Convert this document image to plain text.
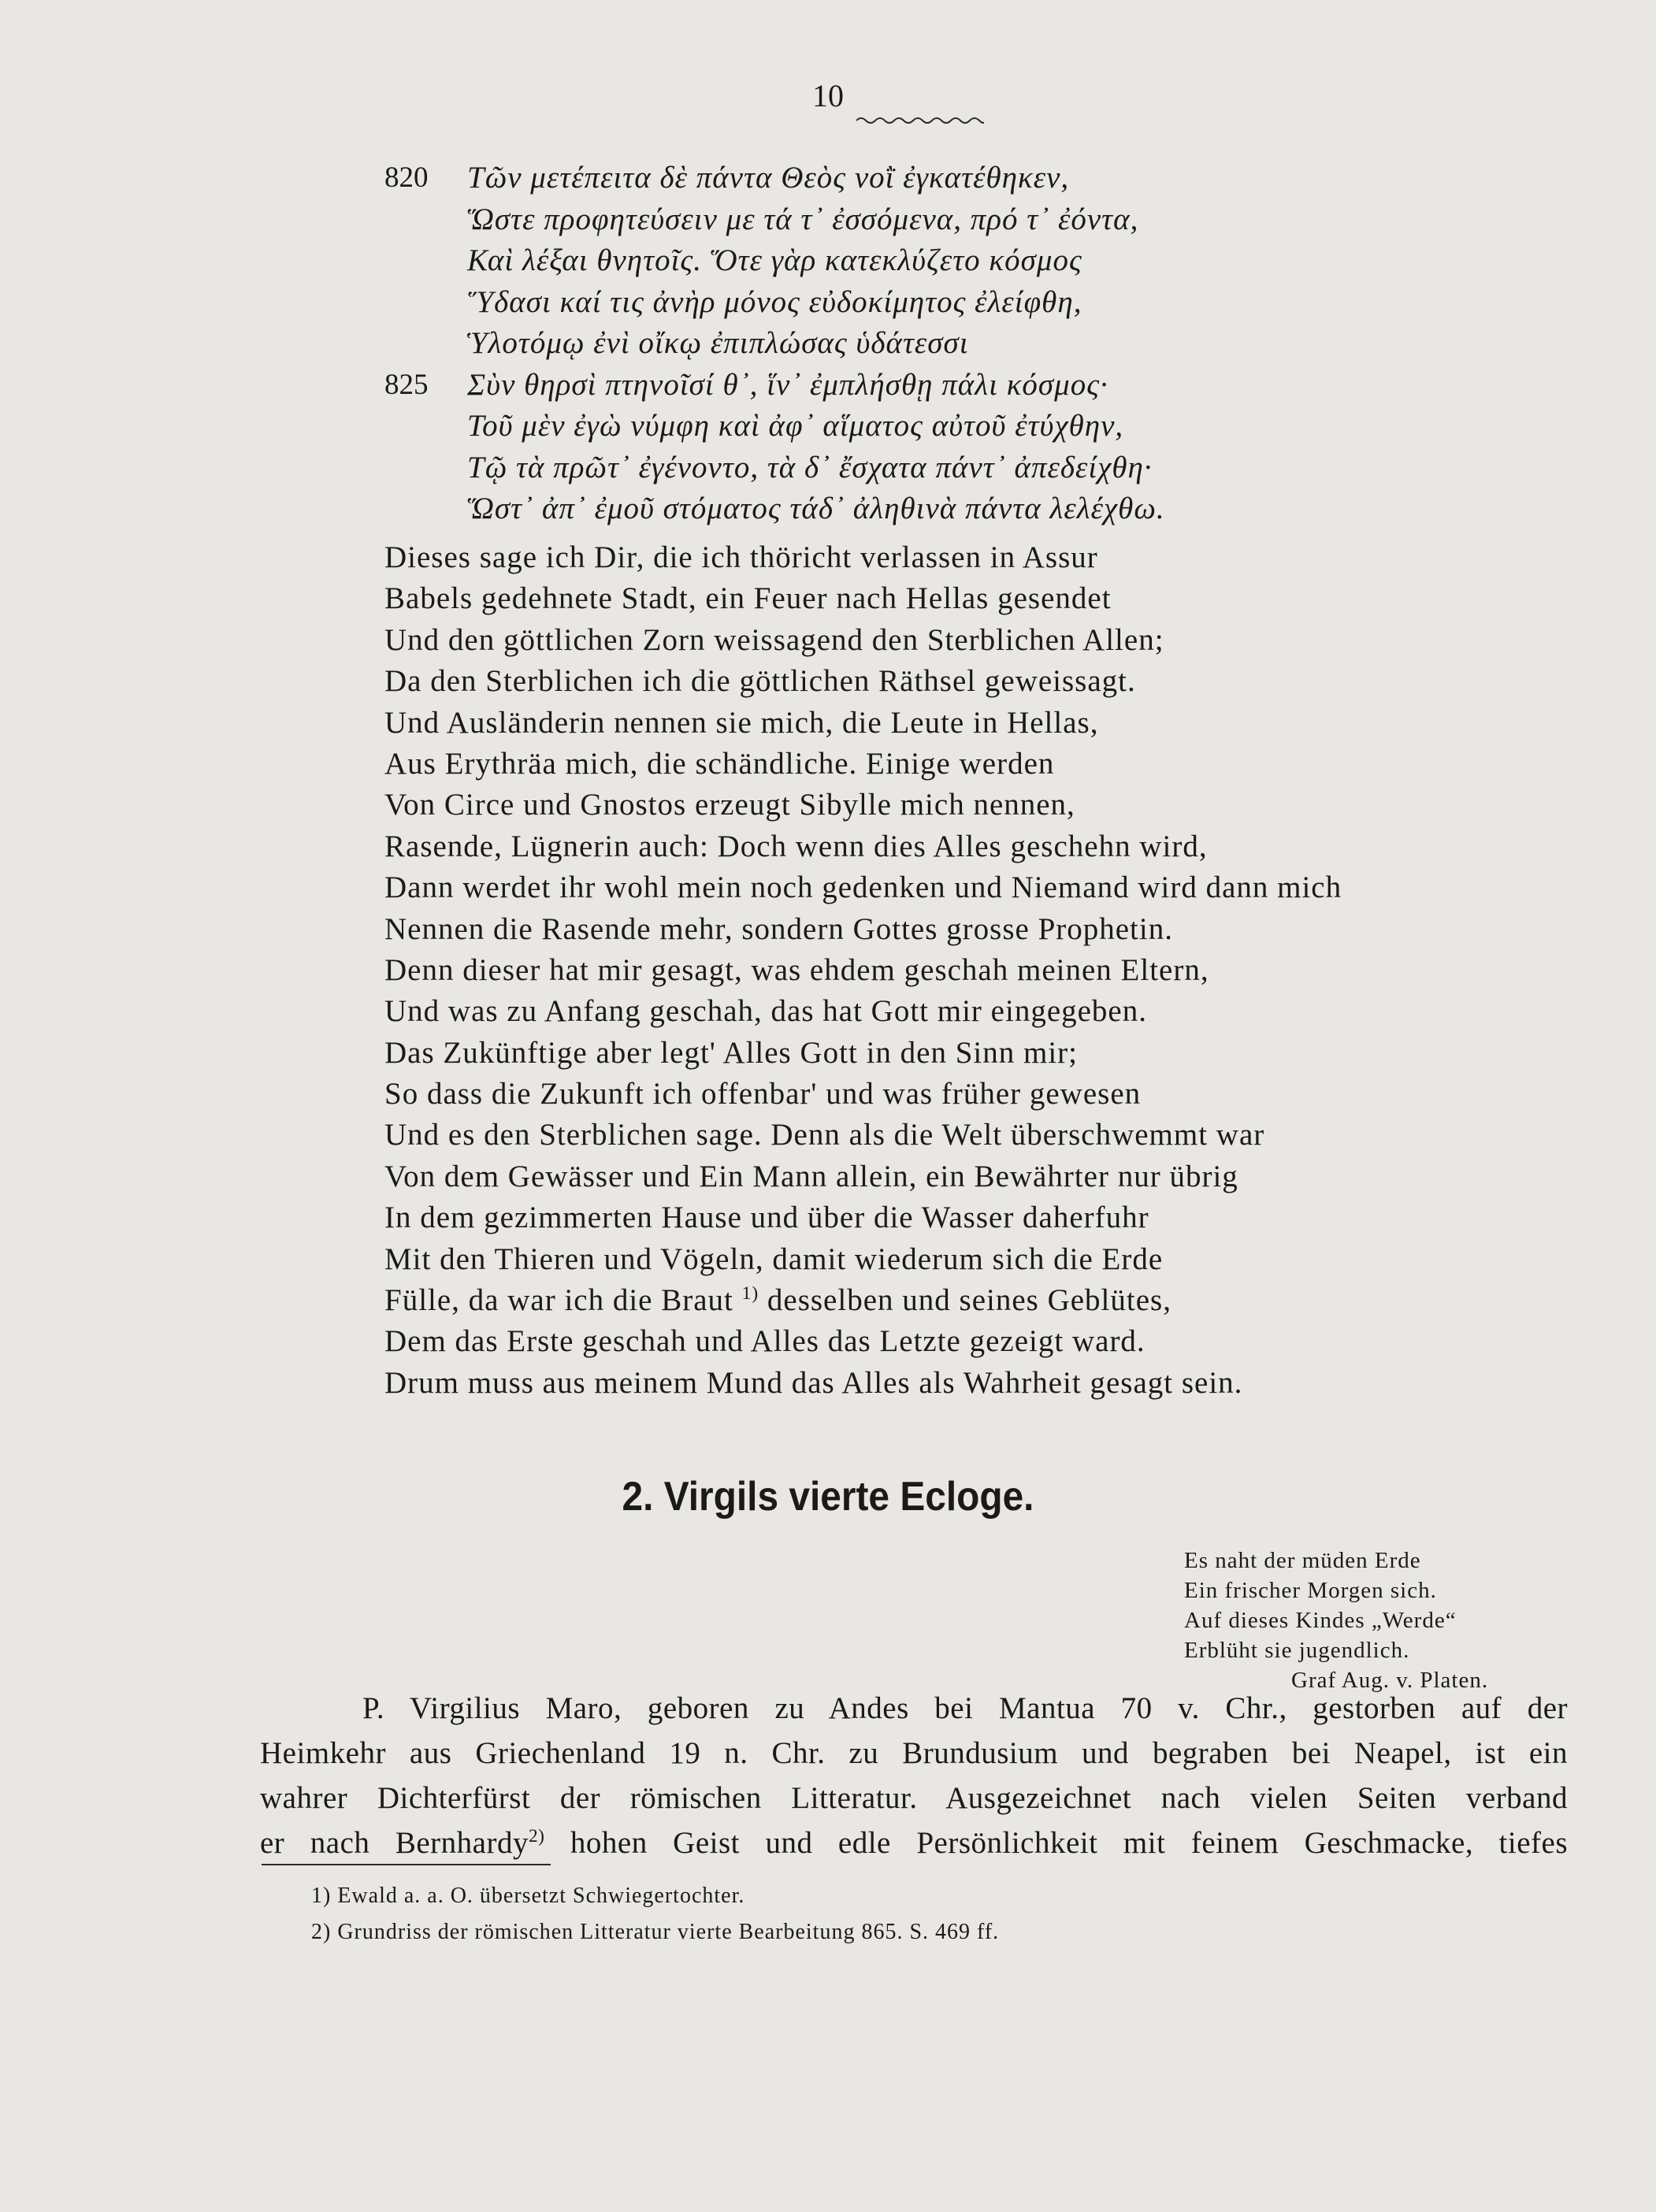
10
820 Τῶν μετέπειτα δὲ πάντα Θεὸς νοῒ ἐγκατέθηκεν,
Ὥστε προφητεύσειν με τά τ᾽ ἐσσόμενα, πρό τ᾽ ἐόντα,
Καὶ λέξαι θνητοῖς. Ὅτε γὰρ κατεκλύζετο κόσμος
Ὕδασι καί τις ἀνὴρ μόνος εὐδοκίμητος ἐλείφθη,
Ὑλοτόμῳ ἐνὶ οἴκῳ ἐπιπλώσας ὑδάτεσσι
825 Σὺν θηρσὶ πτηνοῖσί θ᾽, ἵν᾽ ἐμπλήσθῃ πάλι κόσμος·
Τοῦ μὲν ἐγὼ νύμφη καὶ ἀφ᾽ αἵματος αὐτοῦ ἐτύχθην,
Τῷ τὰ πρῶτ᾽ ἐγένοντο, τὰ δ᾽ ἔσχατα πάντ᾽ ἀπεδείχθη·
Ὥστ᾽ ἀπ᾽ ἐμοῦ στόματος τάδ᾽ ἀληθινὰ πάντα λελέχθω.
Dieses sage ich Dir, die ich thöricht verlassen in Assur
Babels gedehnete Stadt, ein Feuer nach Hellas gesendet
Und den göttlichen Zorn weissagend den Sterblichen Allen;
Da den Sterblichen ich die göttlichen Räthsel geweissagt.
Und Ausländerin nennen sie mich, die Leute in Hellas,
Aus Erythräa mich, die schändliche. Einige werden
Von Circe und Gnostos erzeugt Sibylle mich nennen,
Rasende, Lügnerin auch: Doch wenn dies Alles geschehn wird,
Dann werdet ihr wohl mein noch gedenken und Niemand wird dann mich
Nennen die Rasende mehr, sondern Gottes grosse Prophetin.
Denn dieser hat mir gesagt, was ehdem geschah meinen Eltern,
Und was zu Anfang geschah, das hat Gott mir eingegeben.
Das Zukünftige aber legt' Alles Gott in den Sinn mir;
So dass die Zukunft ich offenbar' und was früher gewesen
Und es den Sterblichen sage. Denn als die Welt überschwemmt war
Von dem Gewässer und Ein Mann allein, ein Bewährter nur übrig
In dem gezimmerten Hause und über die Wasser daherfuhr
Mit den Thieren und Vögeln, damit wiederum sich die Erde
Fülle, da war ich die Braut $^{1)}$ desselben und seines Geblütes,
Dem das Erste geschah und Alles das Letzte gezeigt ward.
Drum muss aus meinem Mund das Alles als Wahrheit gesagt sein.
2. Virgils vierte Ecloge.
Es naht der müden Erde
Ein frischer Morgen sich.
Auf dieses Kindes „Werde“
Erblüht sie jugendlich.
Graf Aug. v. Platen.
P. Virgilius Maro, geboren zu Andes bei Mantua 70 v. Chr., gestorben auf der
Heimkehr aus Griechenland 19 n. Chr. zu Brundusium und begraben bei Neapel, ist ein
wahrer Dichterfürst der römischen Litteratur. Ausgezeichnet nach vielen Seiten verband
er nach Bernhardy$^{2)}$ hohen Geist und edle Persönlichkeit mit feinem Geschmacke, tiefes
1) Ewald a. a. O. übersetzt Schwiegertochter.
2) Grundriss der römischen Litteratur vierte Bearbeitung 865. S. 469 ff.
